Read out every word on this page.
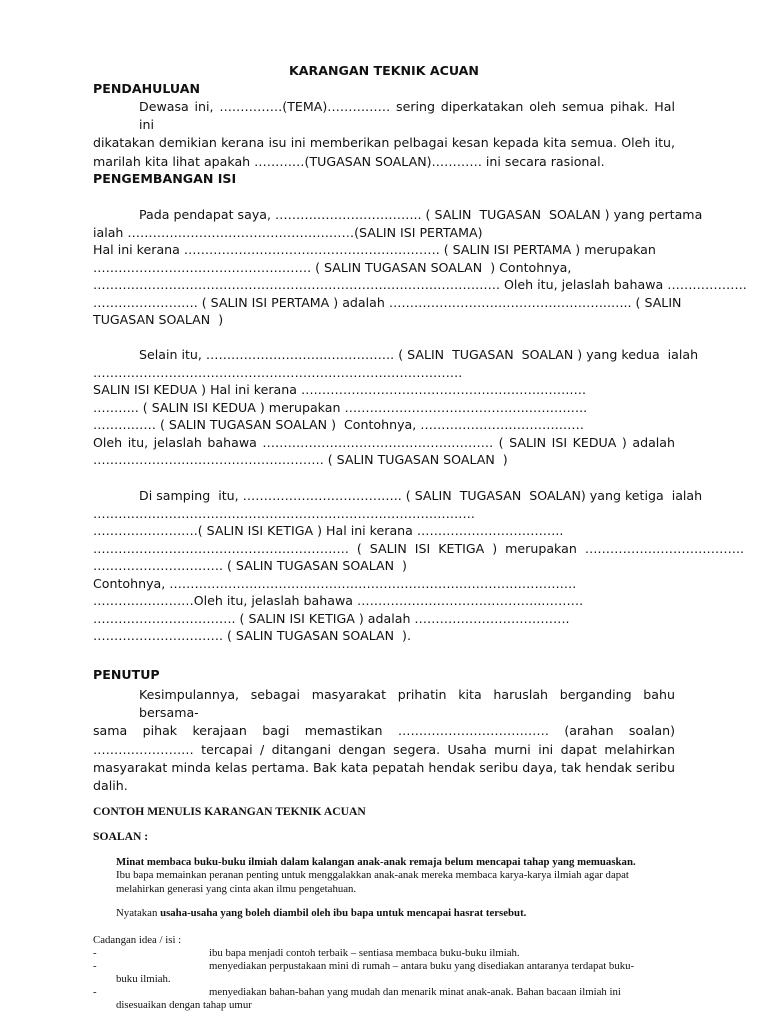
KARANGAN TEKNIK ACUAN
PENDAHULUAN
Dewasa ini, ……………(TEMA)…………… sering diperkatakan oleh semua pihak. Hal ini
dikatakan demikian kerana isu ini memberikan pelbagai kesan kepada kita semua. Oleh itu,
marilah kita lihat apakah …………(TUGASAN SOALAN)………… ini secara rasional.
PENGEMBANGAN ISI
Pada pendapat saya, …………………………….. ( SALIN  TUGASAN  SOALAN ) yang pertama
ialah ………………………………………………(SALIN ISI PERTAMA)
Hal ini kerana ……………………………………………………. ( SALIN ISI PERTAMA ) merupakan
……………………………………………. ( SALIN TUGASAN SOALAN  ) Contohnya,
……………………………………………………………………………………. Oleh itu, jelaslah bahawa ……………….
……………………. ( SALIN ISI PERTAMA ) adalah ……………………………………………..….. ( SALIN
TUGASAN SOALAN  )
Selain itu, ………………………..……………. ( SALIN  TUGASAN  SOALAN ) yang kedua  ialah
…………………………………………………………………………….
SALIN ISI KEDUA ) Hal ini kerana ………………………………………………….……….
……….. ( SALIN ISI KEDUA ) merupakan ……………………………………..…………..
…………… ( SALIN TUGASAN SOALAN )  Contohnya, …………………………………
Oleh itu, jelaslah bahawa ………………………………………………. ( SALIN ISI KEDUA ) adalah
………………………………………………. ( SALIN TUGASAN SOALAN  )
Di samping  itu, ……………………………….. ( SALIN  TUGASAN  SOALAN) yang ketiga  ialah
……………………………………………………………………………….
…………………….( SALIN ISI KETIGA ) Hal ini kerana ……………………………..
…………………………………………………….  (  SALIN  ISI  KETIGA  )  merupakan  ………………………………..
…………………………. ( SALIN TUGASAN SOALAN  )
Contohnya, …………………………………………………………………………………….
……………………Oleh itu, jelaslah bahawa ……………………………………..……….
……………………………. ( SALIN ISI KETIGA ) adalah ……………………………….
…………………………. ( SALIN TUGASAN SOALAN  ).
PENUTUP
Kesimpulannya, sebagai masyarakat prihatin kita haruslah berganding bahu bersama-
sama pihak kerajaan bagi memastikan ……………………………… (arahan soalan)
…………………… tercapai / ditangani dengan segera. Usaha murni ini dapat melahirkan
masyarakat minda kelas pertama. Bak kata pepatah hendak seribu daya, tak hendak seribu
dalih.
CONTOH MENULIS KARANGAN TEKNIK ACUAN
SOALAN :
Minat membaca buku-buku ilmiah dalam kalangan anak-anak remaja belum mencapai tahap yang memuaskan.
Ibu bapa memainkan peranan penting untuk menggalakkan anak-anak mereka membaca karya-karya ilmiah agar dapat
melahirkan generasi yang cinta akan ilmu pengetahuan.
Nyatakan usaha-usaha yang boleh diambil oleh ibu bapa untuk mencapai hasrat tersebut.
Cadangan idea / isi :
-	ibu bapa menjadi contoh terbaik – sentiasa membaca buku-buku ilmiah.
-	menyediakan perpustakaan mini di rumah – antara buku yang disediakan antaranya terdapat buku-
buku ilmiah.
-	menyediakan bahan-bahan yang mudah dan menarik minat anak-anak. Bahan bacaan ilmiah ini
disesuaikan dengan tahap umur
